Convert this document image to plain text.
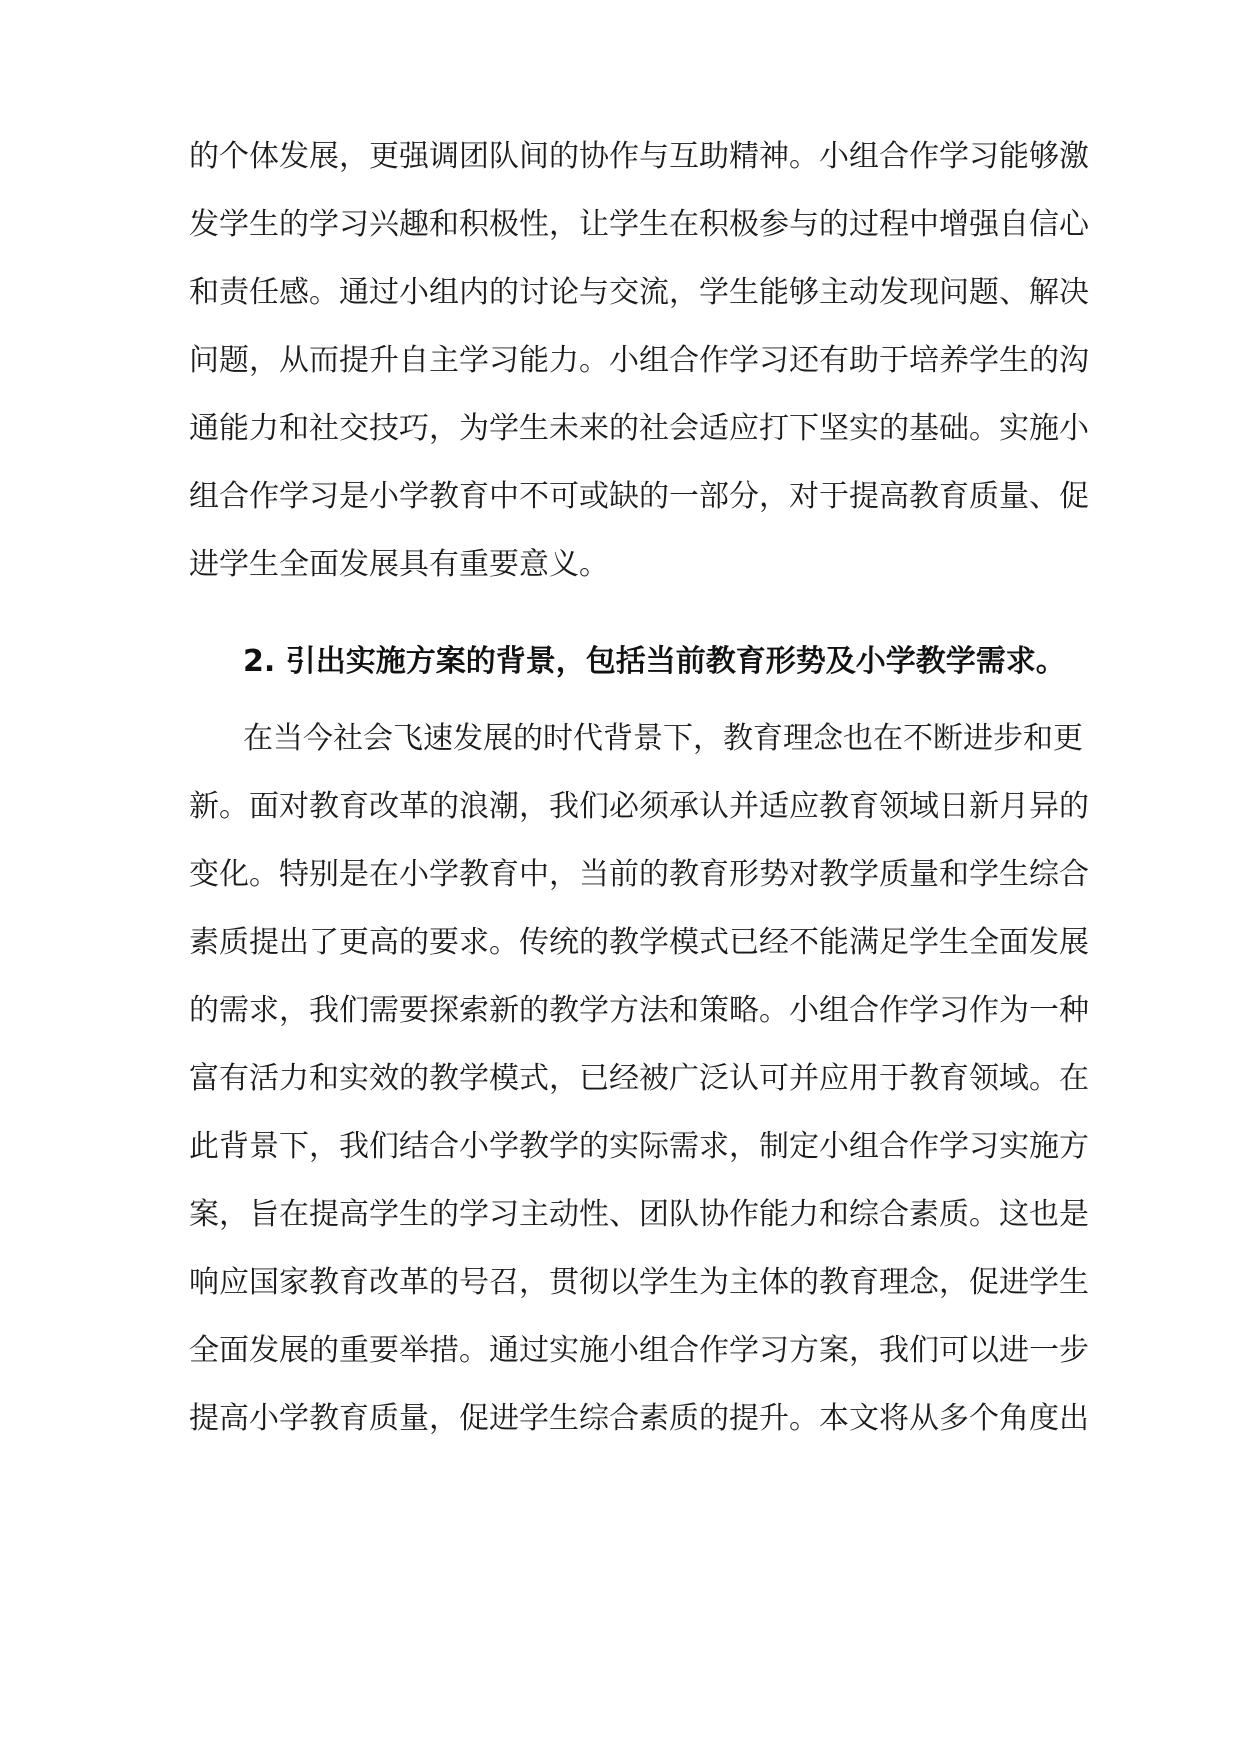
的个体发展，更强调团队间的协作与互助精神。小组合作学习能够激
发学生的学习兴趣和积极性，让学生在积极参与的过程中增强自信心
和责任感。通过小组内的讨论与交流，学生能够主动发现问题、解决
问题，从而提升自主学习能力。小组合作学习还有助于培养学生的沟
通能力和社交技巧，为学生未来的社会适应打下坚实的基础。实施小
组合作学习是小学教育中不可或缺的一部分，对于提高教育质量、促
进学生全面发展具有重要意义。
2. 引出实施方案的背景，包括当前教育形势及小学教学需求。
在当今社会飞速发展的时代背景下，教育理念也在不断进步和更
新。面对教育改革的浪潮，我们必须承认并适应教育领域日新月异的
变化。特别是在小学教育中，当前的教育形势对教学质量和学生综合
素质提出了更高的要求。传统的教学模式已经不能满足学生全面发展
的需求，我们需要探索新的教学方法和策略。小组合作学习作为一种
富有活力和实效的教学模式，已经被广泛认可并应用于教育领域。在
此背景下，我们结合小学教学的实际需求，制定小组合作学习实施方
案，旨在提高学生的学习主动性、团队协作能力和综合素质。这也是
响应国家教育改革的号召，贯彻以学生为主体的教育理念，促进学生
全面发展的重要举措。通过实施小组合作学习方案，我们可以进一步
提高小学教育质量，促进学生综合素质的提升。本文将从多个角度出
